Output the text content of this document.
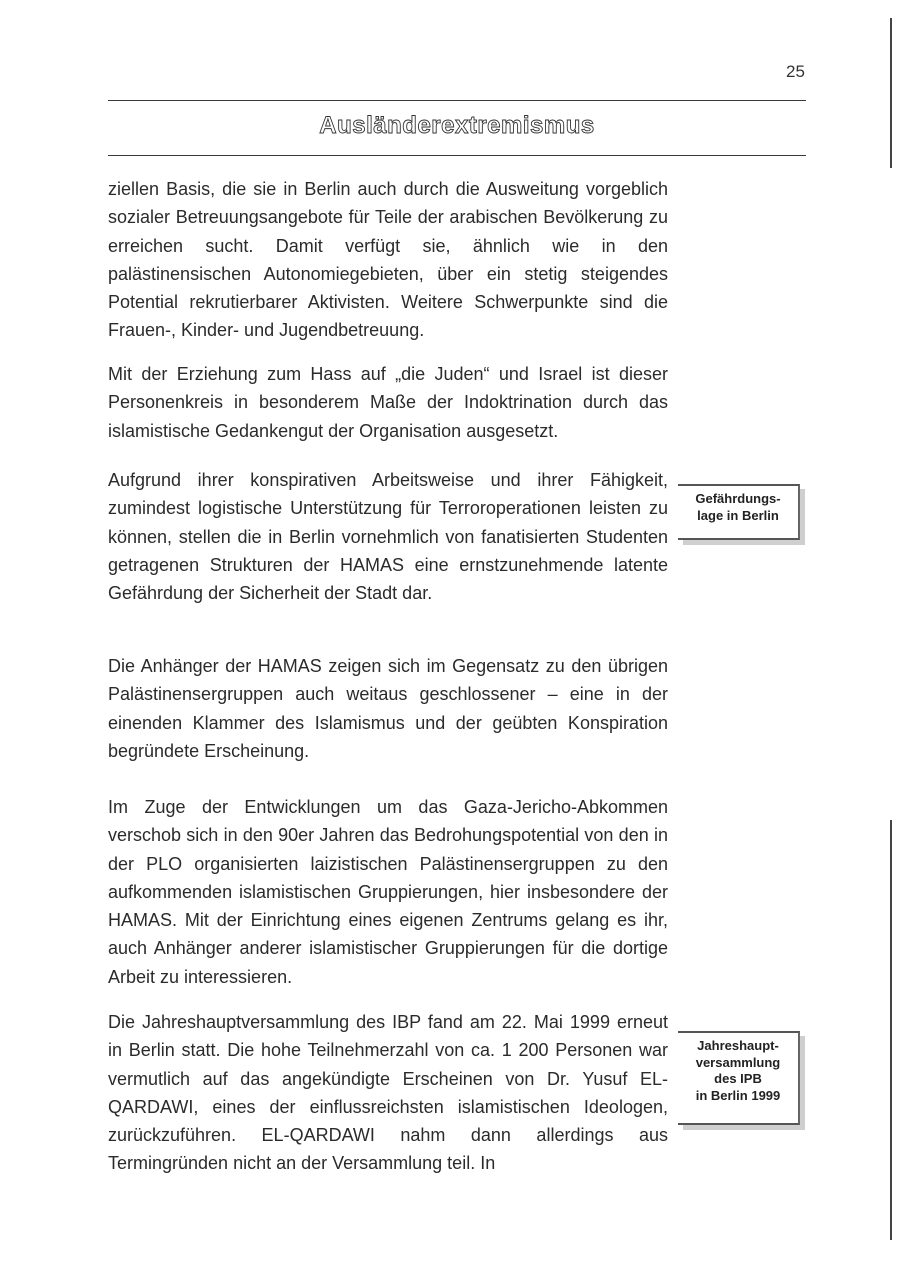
25
Ausländerextremismus

ziellen Basis, die sie in Berlin auch durch die Ausweitung vorgeblich sozialer Betreuungsangebote für Teile der arabischen Bevölkerung zu erreichen sucht. Damit verfügt sie, ähnlich wie in den palästinensischen Autonomiegebieten, über ein stetig steigendes Potential rekrutierbarer Aktivisten. Weitere Schwerpunkte sind die Frauen-, Kinder- und Jugendbetreuung.

Mit der Erziehung zum Hass auf „die Juden“ und Israel ist dieser Personenkreis in besonderem Maße der Indoktrination durch das islamistische Gedankengut der Organisation ausgesetzt.

Aufgrund ihrer konspirativen Arbeitsweise und ihrer Fähigkeit, zumindest logistische Unterstützung für Terroroperationen leisten zu können, stellen die in Berlin vornehmlich von fanatisierten Studenten getragenen Strukturen der HAMAS eine ernstzunehmende latente Gefährdung der Sicherheit der Stadt dar.

Die Anhänger der HAMAS zeigen sich im Gegensatz zu den übrigen Palästinensergruppen auch weitaus geschlossener – eine in der einenden Klammer des Islamismus und der geübten Konspiration begründete Erscheinung.

Im Zuge der Entwicklungen um das Gaza-Jericho-Abkommen verschob sich in den 90er Jahren das Bedrohungspotential von den in der PLO organisierten laizistischen Palästinensergruppen zu den aufkommenden islamistischen Gruppierungen, hier insbesondere der HAMAS. Mit der Einrichtung eines eigenen Zentrums gelang es ihr, auch Anhänger anderer islamistischer Gruppierungen für die dortige Arbeit zu interessieren.

Die Jahreshauptversammlung des IBP fand am 22. Mai 1999 erneut in Berlin statt. Die hohe Teilnehmerzahl von ca. 1 200 Personen war vermutlich auf das angekündigte Erscheinen von Dr. Yusuf EL-QARDAWI, eines der einflussreichsten islamistischen Ideologen, zurückzuführen. EL-QARDAWI nahm dann allerdings aus Termingründen nicht an der Versammlung teil. In

Gefährdungs-
lage in Berlin
Jahreshaupt-
versammlung
des IPB
in Berlin 1999
